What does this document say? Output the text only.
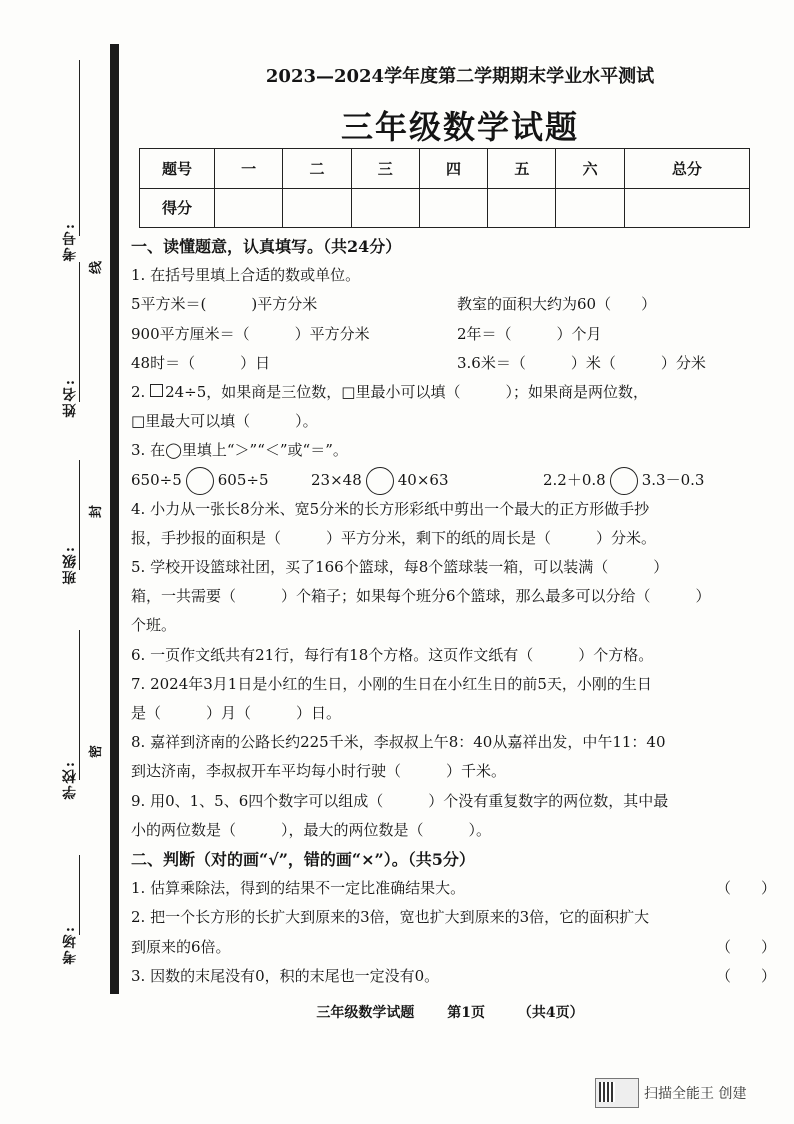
考号:
姓名:
班级:
学校:
考场:
线
封
密
2023—2024学年度第二学期期末学业水平测试
三年级数学试题
题号	一	二	三	四	五	六	总分
得分							
一、读懂题意，认真填写。（共24分）
1. 在括号里填上合适的数或单位。
5平方米＝(　　　)平方分米	教室的面积大约为60（　　）
900平方厘米＝（　　　）平方分米	2年＝（　　　）个月
48时＝（　　　）日	3.6米＝（　　　）米（　　　）分米
2. 24÷5，如果商是三位数，□里最小可以填（　　　）；如果商是两位数，
□里最大可以填（　　　）。
3. 在◯里填上“＞”“＜”或“＝”。
650÷5 605÷5	23×48 40×63	2.2＋0.8 3.3－0.3
4. 小力从一张长8分米、宽5分米的长方形彩纸中剪出一个最大的正方形做手抄
报，手抄报的面积是（　　　）平方分米，剩下的纸的周长是（　　　）分米。
5. 学校开设篮球社团，买了166个篮球，每8个篮球装一箱，可以装满（　　　）
箱，一共需要（　　　）个箱子；如果每个班分6个篮球，那么最多可以分给（　　　）
个班。
6. 一页作文纸共有21行，每行有18个方格。这页作文纸有（　　　）个方格。
7. 2024年3月1日是小红的生日，小刚的生日在小红生日的前5天，小刚的生日
是（　　　）月（　　　）日。
8. 嘉祥到济南的公路长约225千米，李叔叔上午8：40从嘉祥出发，中午11：40
到达济南，李叔叔开车平均每小时行驶（　　　）千米。
9. 用0、1、5、6四个数字可以组成（　　　）个没有重复数字的两位数，其中最
小的两位数是（　　　），最大的两位数是（　　　）。
二、判断（对的画“√”，错的画“×”）。（共5分）
1. 估算乘除法，得到的结果不一定比准确结果大。	（　　）
2. 把一个长方形的长扩大到原来的3倍，宽也扩大到原来的3倍，它的面积扩大
到原来的6倍。	（　　）
3. 因数的末尾没有0，积的末尾也一定没有0。	（　　）
三年级数学试题 第1页 （共4页）
扫描全能王 创建
